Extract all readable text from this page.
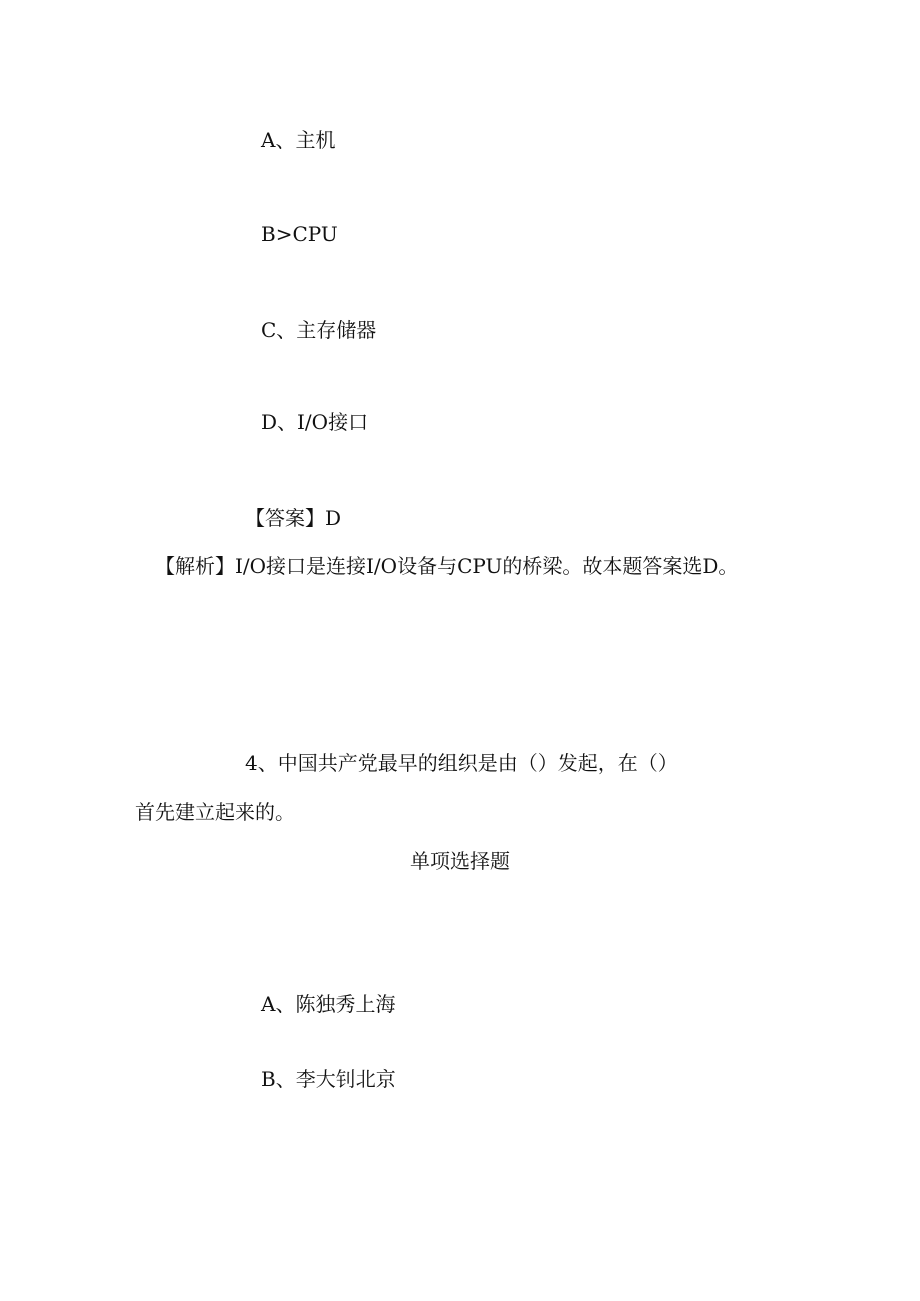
A、主机
B>CPU
C、主存储器
D、I/O接口
【答案】D
【解析】I/O接口是连接I/O设备与CPU的桥梁。故本题答案选D。
4、中国共产党最早的组织是由（）发起，在（）
首先建立起来的。
单项选择题
A、陈独秀上海
B、李大钊北京
